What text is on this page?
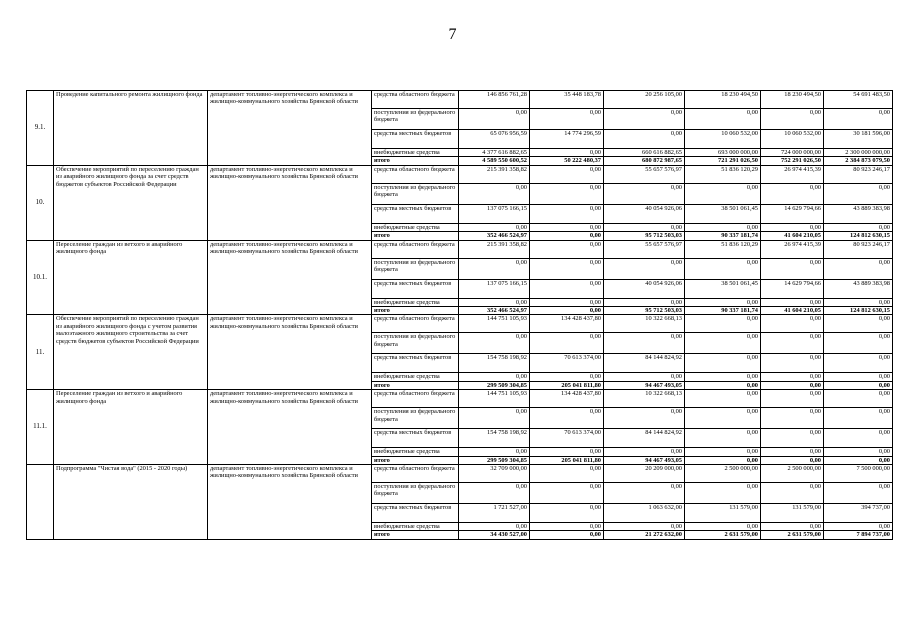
7
9.1.	Проведение капитального ремонта жилищного фонда	департамент топливно-энергетического комплекса и жилищно-коммунального хозяйства Брянской области	средства областного бюджета	146 856 761,28	35 448 183,78	20 256 105,00	18 230 494,50	18 230 494,50	54 691 483,50
			поступления из федерального бюджета	0,00	0,00	0,00	0,00	0,00	0,00
			средства местных бюджетов	65 076 956,59	14 774 296,59	0,00	10 060 532,00	10 060 532,00	30 181 596,00
			внебюджетные средства	4 377 616 882,65	0,00	660 616 882,65	693 000 000,00	724 000 000,00	2 300 000 000,00
			итого	4 589 550 600,52	50 222 480,37	680 872 987,65	721 291 026,50	752 291 026,50	2 384 873 079,50
10.	Обеспечение мероприятий по переселению граждан из аварийного жилищного фонда за счет средств бюджетов субъектов Российской Федерации	департамент топливно-энергетического комплекса и жилищно-коммунального хозяйства Брянской области	средства областного бюджета	215 391 358,82	0,00	55 657 576,97	51 836 120,29	26 974 415,39	80 923 246,17
			поступления из федерального бюджета	0,00	0,00	0,00	0,00	0,00	0,00
			средства местных бюджетов	137 075 166,15	0,00	40 054 926,06	38 501 061,45	14 629 794,66	43 889 383,98
			внебюджетные средства	0,00	0,00	0,00	0,00	0,00	0,00
			итого	352 466 524,97	0,00	95 712 503,03	90 337 181,74	41 604 210,05	124 812 630,15
10.1.	Переселение граждан из ветхого и аварийного жилищного фонда	департамент топливно-энергетического комплекса и жилищно-коммунального хозяйства Брянской области	средства областного бюджета	215 391 358,82	0,00	55 657 576,97	51 836 120,29	26 974 415,39	80 923 246,17
			поступления из федерального бюджета	0,00	0,00	0,00	0,00	0,00	0,00
			средства местных бюджетов	137 075 166,15	0,00	40 054 926,06	38 501 061,45	14 629 794,66	43 889 383,98
			внебюджетные средства	0,00	0,00	0,00	0,00	0,00	0,00
			итого	352 466 524,97	0,00	95 712 503,03	90 337 181,74	41 604 210,05	124 812 630,15
11.	Обеспечение мероприятий по переселению граждан из аварийного жилищного фонда с учетом развития малоэтажного жилищного строительства за счет средств бюджетов субъектов Российской Федерации	департамент топливно-энергетического комплекса и жилищно-коммунального хозяйства Брянской области	средства областного бюджета	144 751 105,93	134 428 437,80	10 322 668,13	0,00	0,00	0,00
			поступления из федерального бюджета	0,00	0,00	0,00	0,00	0,00	0,00
			средства местных бюджетов	154 758 198,92	70 613 374,00	84 144 824,92	0,00	0,00	0,00
			внебюджетные средства	0,00	0,00	0,00	0,00	0,00	0,00
			итого	299 509 304,85	205 041 811,80	94 467 493,05	0,00	0,00	0,00
11.1.	Переселение граждан из ветхого и аварийного жилищного фонда	департамент топливно-энергетического комплекса и жилищно-коммунального хозяйства Брянской области	средства областного бюджета	144 751 105,93	134 428 437,80	10 322 668,13	0,00	0,00	0,00
			поступления из федерального бюджета	0,00	0,00	0,00	0,00	0,00	0,00
			средства местных бюджетов	154 758 198,92	70 613 374,00	84 144 824,92	0,00	0,00	0,00
			внебюджетные средства	0,00	0,00	0,00	0,00	0,00	0,00
			итого	299 509 304,85	205 041 811,80	94 467 493,05	0,00	0,00	0,00
	Подпрограмма "Чистая вода" (2015 - 2020 годы)	департамент топливно-энергетического комплекса и жилищно-коммунального хозяйства Брянской области	средства областного бюджета	32 709 000,00	0,00	20 209 000,00	2 500 000,00	2 500 000,00	7 500 000,00
			поступления из федерального бюджета	0,00	0,00	0,00	0,00	0,00	0,00
			средства местных бюджетов	1 721 527,00	0,00	1 063 632,00	131 579,00	131 579,00	394 737,00
			внебюджетные средства	0,00	0,00	0,00	0,00	0,00	0,00
			итого	34 430 527,00	0,00	21 272 632,00	2 631 579,00	2 631 579,00	7 894 737,00
